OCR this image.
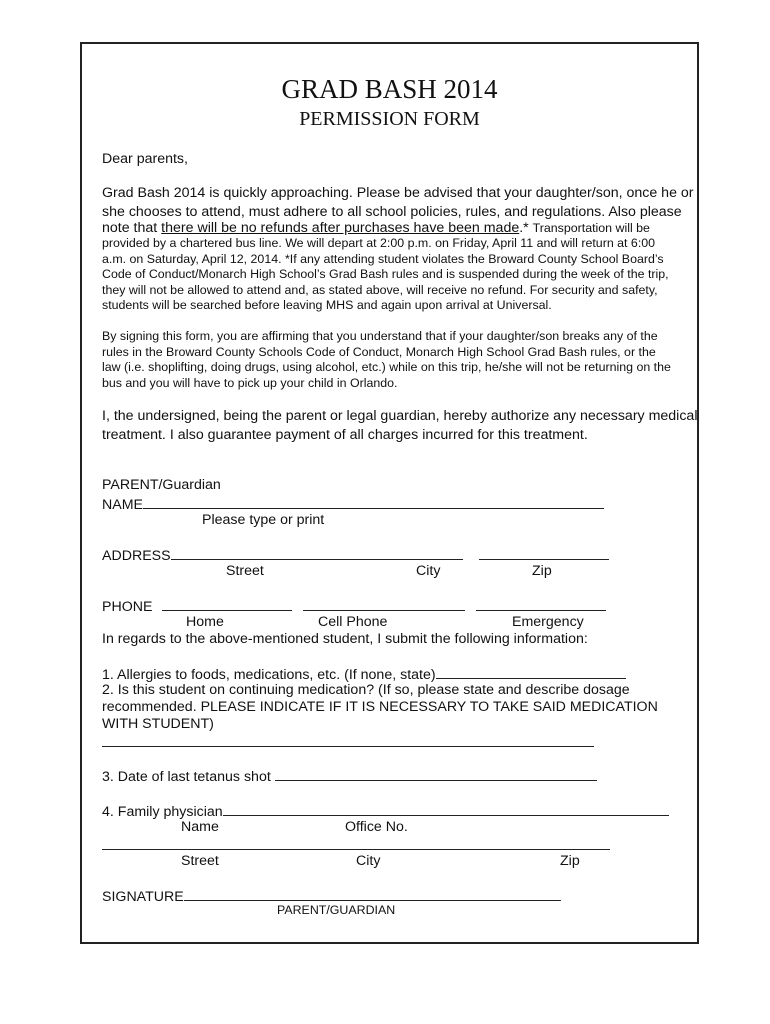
GRAD BASH 2014
PERMISSION FORM
Dear parents,
Grad Bash 2014 is quickly approaching. Please be advised that your daughter/son, once he or
she chooses to attend, must adhere to all school policies, rules, and regulations. Also please
note that there will be no refunds after purchases have been made.* Transportation will be
provided by a chartered bus line. We will depart at 2:00 p.m. on Friday, April 11 and will return at 6:00
a.m. on Saturday, April 12, 2014. *If any attending student violates the Broward County School Board’s
Code of Conduct/Monarch High School’s Grad Bash rules and is suspended during the week of the trip,
they will not be allowed to attend and, as stated above, will receive no refund. For security and safety,
students will be searched before leaving MHS and again upon arrival at Universal.
By signing this form, you are affirming that you understand that if your daughter/son breaks any of the
rules in the Broward County Schools Code of Conduct, Monarch High School Grad Bash rules, or the
law (i.e. shoplifting, doing drugs, using alcohol, etc.) while on this trip, he/she will not be returning on the
bus and you will have to pick up your child in Orlando.
I, the undersigned, being the parent or legal guardian, hereby authorize any necessary medical
treatment. I also guarantee payment of all charges incurred for this treatment.
PARENT/Guardian
NAME
Please type or print
ADDRESS
Street	City	Zip
PHONE
Home	Cell Phone	Emergency
In regards to the above-mentioned student, I submit the following information:
1. Allergies to foods, medications, etc. (If none, state)
2. Is this student on continuing medication? (If so, please state and describe dosage
recommended. PLEASE INDICATE IF IT IS NECESSARY TO TAKE SAID MEDICATION
WITH STUDENT)
3. Date of last tetanus shot
4. Family physician
Name	Office No.
Street	City	Zip
SIGNATURE
PARENT/GUARDIAN
